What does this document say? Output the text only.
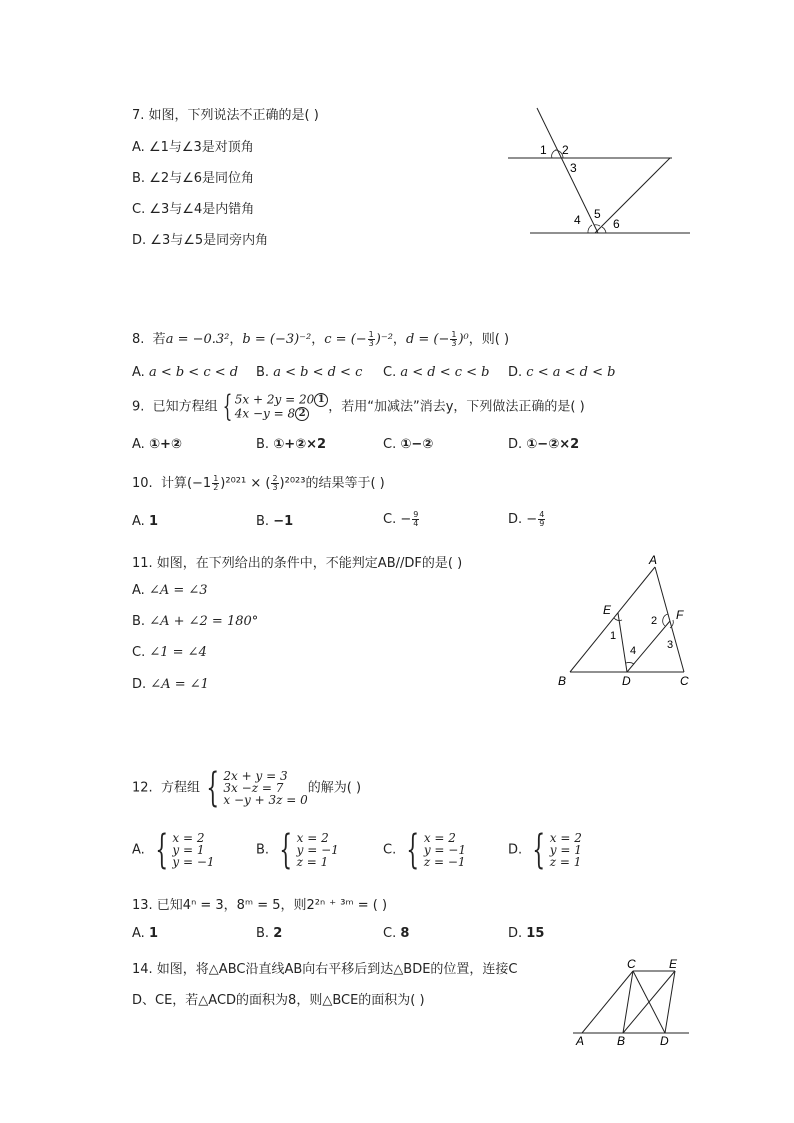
7. 如图，下列说法不正确的是( )
A. ∠1与∠3是对顶角
B. ∠2与∠6是同位角
C. ∠3与∠4是内错角
D. ∠3与∠5是同旁内角
1 2
3
4 5
6
8. 若a = −0.3²，b = (−3)⁻²，c = (− $\frac{1}{3} )^{-2}$，d = (− $\frac{1}{3} )^0$，则( )
A. a < b < c < d B. a < b < d < c C. a < d < c < b D. c < a < d < b
9. 已知方程组 { 5x + 2y = 20 1
4x −y = 8 2 ，若用“加减法”消去y，下列做法正确的是( )
A. ①+②	B. ①+②×2	C. ①−②	D. ①−②×2
10. 计算$(-1 \frac{1}{2} )^{2021}$ × ( $\frac{2}{3} )^{2023}$的结果等于( )
A. 1	B. −1	C. − $\frac{9}{4}$	D. − $\frac{4}{9}$
11. 如图，在下列给出的条件中，不能判定AB//DF的是( )
A. ∠A = ∠3
B. ∠A + ∠2 = 180°
C. ∠1 = ∠4
D. ∠A = ∠1
A
B	C
D
E	F
1
2
3
4
12. 方程组 { 2x + y = 3
3x −z = 7
x −y + 3z = 0的解为( )
A. { x = 2
y = 1
y = −1
B. { x = 2
y = −1
z = 1
C. { x = 2
y = −1
z = −1
D. { x = 2
y = 1
z = 1
13. 已知4ⁿ = 3，8ᵐ = 5，则2²ⁿ ⁺ ³ᵐ = ( )
A. 1	B. 2	C. 8	D. 15
14. 如图，将△ABC沿直线AB向右平移后到达△BDE的位置，连接C
D、CE，若△ACD的面积为8，则△BCE的面积为( )
C	E
A	B	D
